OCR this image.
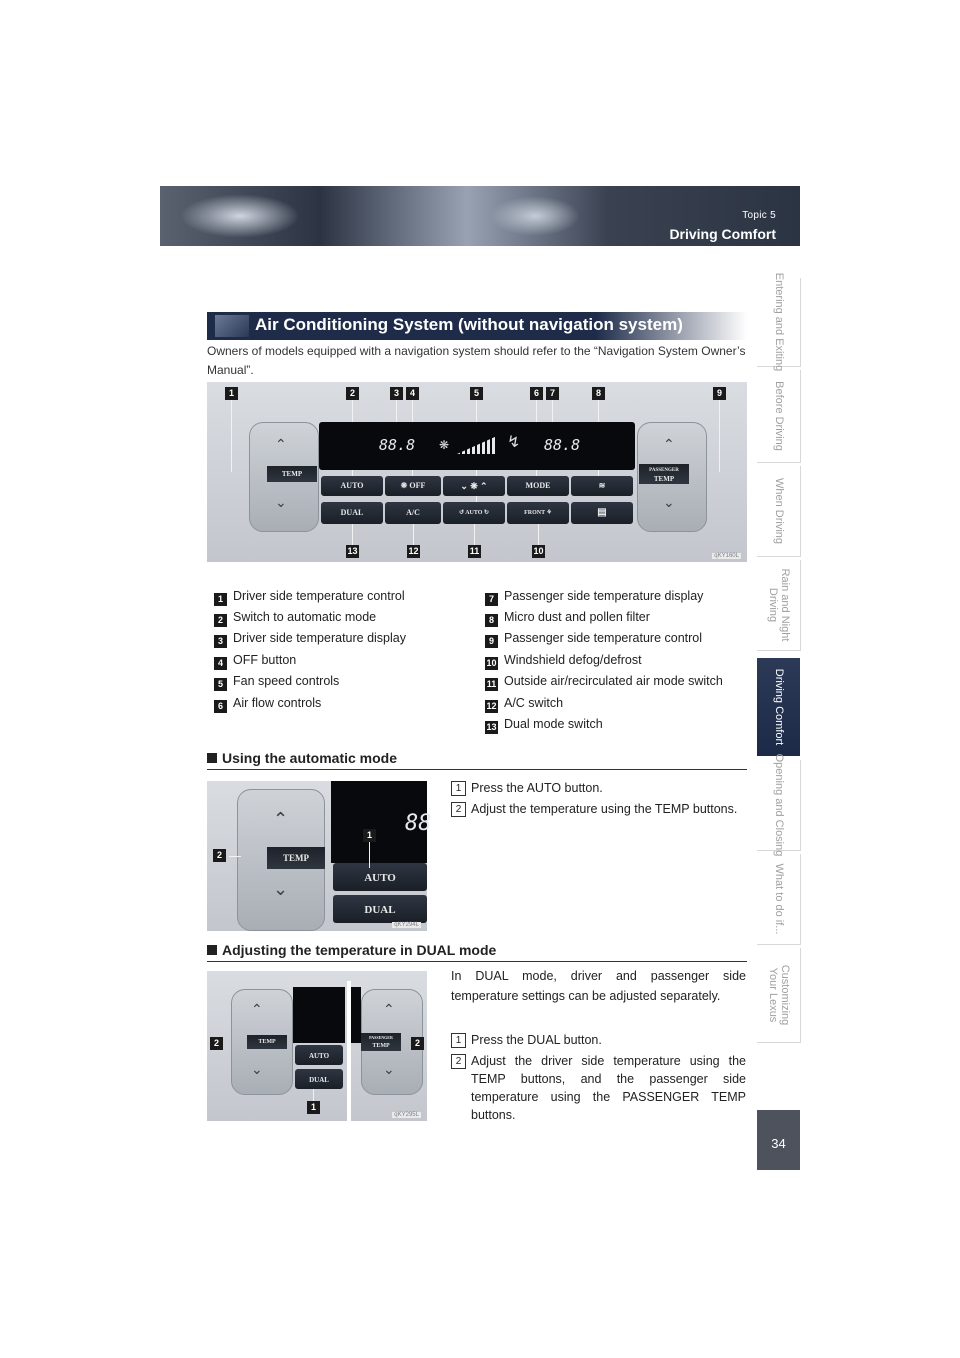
Topic 5
Driving Comfort
Entering and Exiting
Before Driving
When Driving
Rain and Night Driving
Driving Comfort
Opening and Closing
What to do if...
Customizing Your Lexus
34
Air Conditioning System (without navigation system)
Owners of models equipped with a navigation system should refer to the “Navigation System Owner’s Manual”.
1	2	3	4	5	6	7	8	9
⌃
⌄
TEMP
⌃
⌄
PASSENGER
TEMP
88.8	88.8
❋	↯
AUTO	❋ OFF	⌄ ❋ ⌃	MODE	≋
DUAL	A/C	↺ AUTO ↻	FRONT ⚘	▤
13	12	11	10	qKY160L
1 Driver side temperature control
2 Switch to automatic mode
3 Driver side temperature display
4 OFF button
5 Fan speed controls
6 Air flow controls
7 Passenger side temperature display
8 Micro dust and pollen filter
9 Passenger side temperature control
10 Windshield defog/defrost
11 Outside air/recirculated air mode switch
12 A/C switch
13 Dual mode switch
Using the automatic mode
⌃
⌄
TEMP
88
AUTO
DUAL
1
2
qKY294L
1 Press the AUTO button.
2 Adjust the temperature using the TEMP buttons.
Adjusting the temperature in DUAL mode
⌃
⌄
TEMP
AUTO
DUAL
⌃
⌄
PASSENGER
TEMP
2	2
1
qKY295L
In DUAL mode, driver and passenger side temperature settings can be adjusted separately.
1 Press the DUAL button.
2 Adjust the driver side temperature using the TEMP buttons, and the passenger side temperature using the PASSENGER TEMP buttons.
